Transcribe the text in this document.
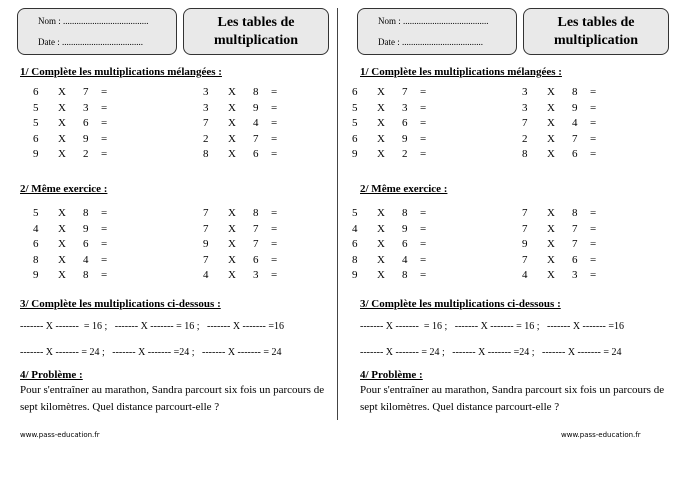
Nom : ......................................
Date : ....................................
Les tables de
multiplication
1/ Complète les multiplications mélangées :
6 X 7 =
5 X 3 =
5 X 6 =
6 X 9 =
9 X 2 =
3 X 8 =
3 X 9 =
7 X 4 =
2 X 7 =
8 X 6 =
2/ Même exercice :
5 X 8 =
4 X 9 =
6 X 6 =
8 X 4 =
9 X 8 =
7 X 8 =
7 X 7 =
9 X 7 =
7 X 6 =
4 X 3 =
3/ Complète les multiplications ci-dessous :
------- X -------  = 16 ;   ------- X ------- = 16 ;   ------- X ------- =16
------- X ------- = 24 ;   ------- X ------- =24 ;   ------- X ------- = 24
4/ Problème :
Pour s'entraîner au marathon, Sandra parcourt six fois un parcours de sept kilomètres. Quel distance parcourt-elle ?
www.pass-education.fr
Nom : ......................................
Date : ....................................
Les tables de
multiplication
1/ Complète les multiplications mélangées :
6 X 7 =
5 X 3 =
5 X 6 =
6 X 9 =
9 X 2 =
3 X 8 =
3 X 9 =
7 X 4 =
2 X 7 =
8 X 6 =
2/ Même exercice :
5 X 8 =
4 X 9 =
6 X 6 =
8 X 4 =
9 X 8 =
7 X 8 =
7 X 7 =
9 X 7 =
7 X 6 =
4 X 3 =
3/ Complète les multiplications ci-dessous :
------- X -------  = 16 ;   ------- X ------- = 16 ;   ------- X ------- =16
------- X ------- = 24 ;   ------- X ------- =24 ;   ------- X ------- = 24
4/ Problème :
Pour s'entraîner au marathon, Sandra parcourt six fois un parcours de sept kilomètres. Quel distance parcourt-elle ?
www.pass-education.fr
